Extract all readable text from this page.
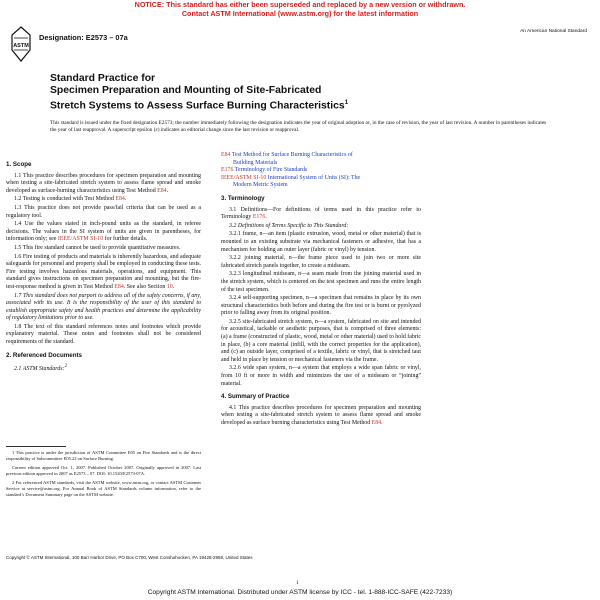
NOTICE: This standard has either been superseded and replaced by a new version or withdrawn.
Contact ASTM International (www.astm.org) for the latest information
ASTM
Designation: E2573 – 07a
An American National Standard
Standard Practice for
Specimen Preparation and Mounting of Site-Fabricated
Stretch Systems to Assess Surface Burning Characteristics$^1$
This standard is issued under the fixed designation E2573; the number immediately following the designation indicates the year of original adoption or, in the case of revision, the year of last revision. A number in parentheses indicates the year of last reapproval. A superscript epsilon (ε) indicates an editorial change since the last revision or reapproval.
1. Scope

1.1 This practice describes procedures for specimen preparation and mounting when testing a site-fabricated stretch system to assess flame spread and smoke developed as surface-burning characteristics using Test Method E84.

1.2 Testing is conducted with Test Method E84.

1.3 This practice does not provide pass/fail criteria that can be used as a regulatory tool.

1.4 Use the values stated in inch-pound units as the standard, in referee decisions. The values in the SI system of units are given in parentheses, for information only; see IEEE/ASTM SI-10 for further details.

1.5 This fire standard cannot be used to provide quantitative measures.

1.6 Fire testing of products and materials is inherently hazardous, and adequate safeguards for personnel and property shall be employed in conducting these tests. Fire testing involves hazardous materials, operations, and equipment. This standard gives instructions on specimen preparation and mounting, but the fire-test-response method is given in Test Method E84. See also Section 10.

1.7 This standard does not purport to address all of the safety concerns, if any, associated with its use. It is the responsibility of the user of this standard to establish appropriate safety and health practices and determine the applicability of regulatory limitations prior to use.

1.8 The text of this standard references notes and footnotes which provide explanatory material. These notes and footnotes shall not be considered requirements of the standard.

2. Referenced Documents

2.1 ASTM Standards:$^2$

1 This practice is under the jurisdiction of ASTM Committee E05 on Fire Standards and is the direct responsibility of Subcommittee E05.22 on Surface Burning.

Current edition approved Oct. 1, 2007. Published October 2007. Originally approved in 2007. Last previous edition approved in 2007 as E2573 – 07. DOI: 10.1520/E2573-07A.

2 For referenced ASTM standards, visit the ASTM website, www.astm.org, or contact ASTM Customer Service at service@astm.org. For Annual Book of ASTM Standards volume information, refer to the standard’s Document Summary page on the ASTM website.

E84 Test Method for Surface Burning Characteristics of
Building Materials
E176 Terminology of Fire Standards
IEEE/ASTM SI-10 International System of Units (SI): The
Modern Metric System
3. Terminology

3.1 Definitions—For definitions of terms used in this practice refer to Terminology E176.

3.2 Definitions of Terms Specific to This Standard:

3.2.1 frame, n—an item (plastic extrusion, wood, metal or other material) that is mounted to an existing substrate via mechanical fasteners or adhesive, that has a mechanism for holding an outer layer (fabric or vinyl) by tension.

3.2.2 joining material, n—the frame piece used to join two or more site fabricated stretch panels together, to create a midseam.

3.2.3 longitudinal midseam, n—a seam made from the joining material used in the stretch system, which is centered on the test specimen and runs the entire length of the test specimen.

3.2.4 self-supporting specimen, n—a specimen that remains in place by its own structural characteristics both before and during the fire test or is burnt or pyrolyzed prior to falling away from its original position.

3.2.5 site-fabricated stretch system, n—a system, fabricated on site and intended for acoustical, tackable or aesthetic purposes, that is comprised of three elements: (a) a frame (constructed of plastic, wood, metal or other material) used to hold fabric in place, (b) a core material (infill, with the correct properties for the application), and (c) an outside layer, comprised of a textile, fabric or vinyl, that is stretched taut and held in place by tension or mechanical fasteners via the frame.

3.2.6 wide span system, n—a system that employs a wide span fabric or vinyl, from 10 ft or more in width and minimizes the use of a midseam or “joining” material.

4. Summary of Practice

4.1 This practice describes procedures for specimen preparation and mounting when testing a site-fabricated stretch system to assess flame spread and smoke developed as surface burning characteristics using Test Method E84.

Copyright © ASTM International, 100 Barr Harbor Drive, PO Box C700, West Conshohocken, PA 19428-2959, United States
1
Copyright ASTM International. Distributed under ASTM license by ICC - tel. 1-888-ICC-SAFE (422-7233)
